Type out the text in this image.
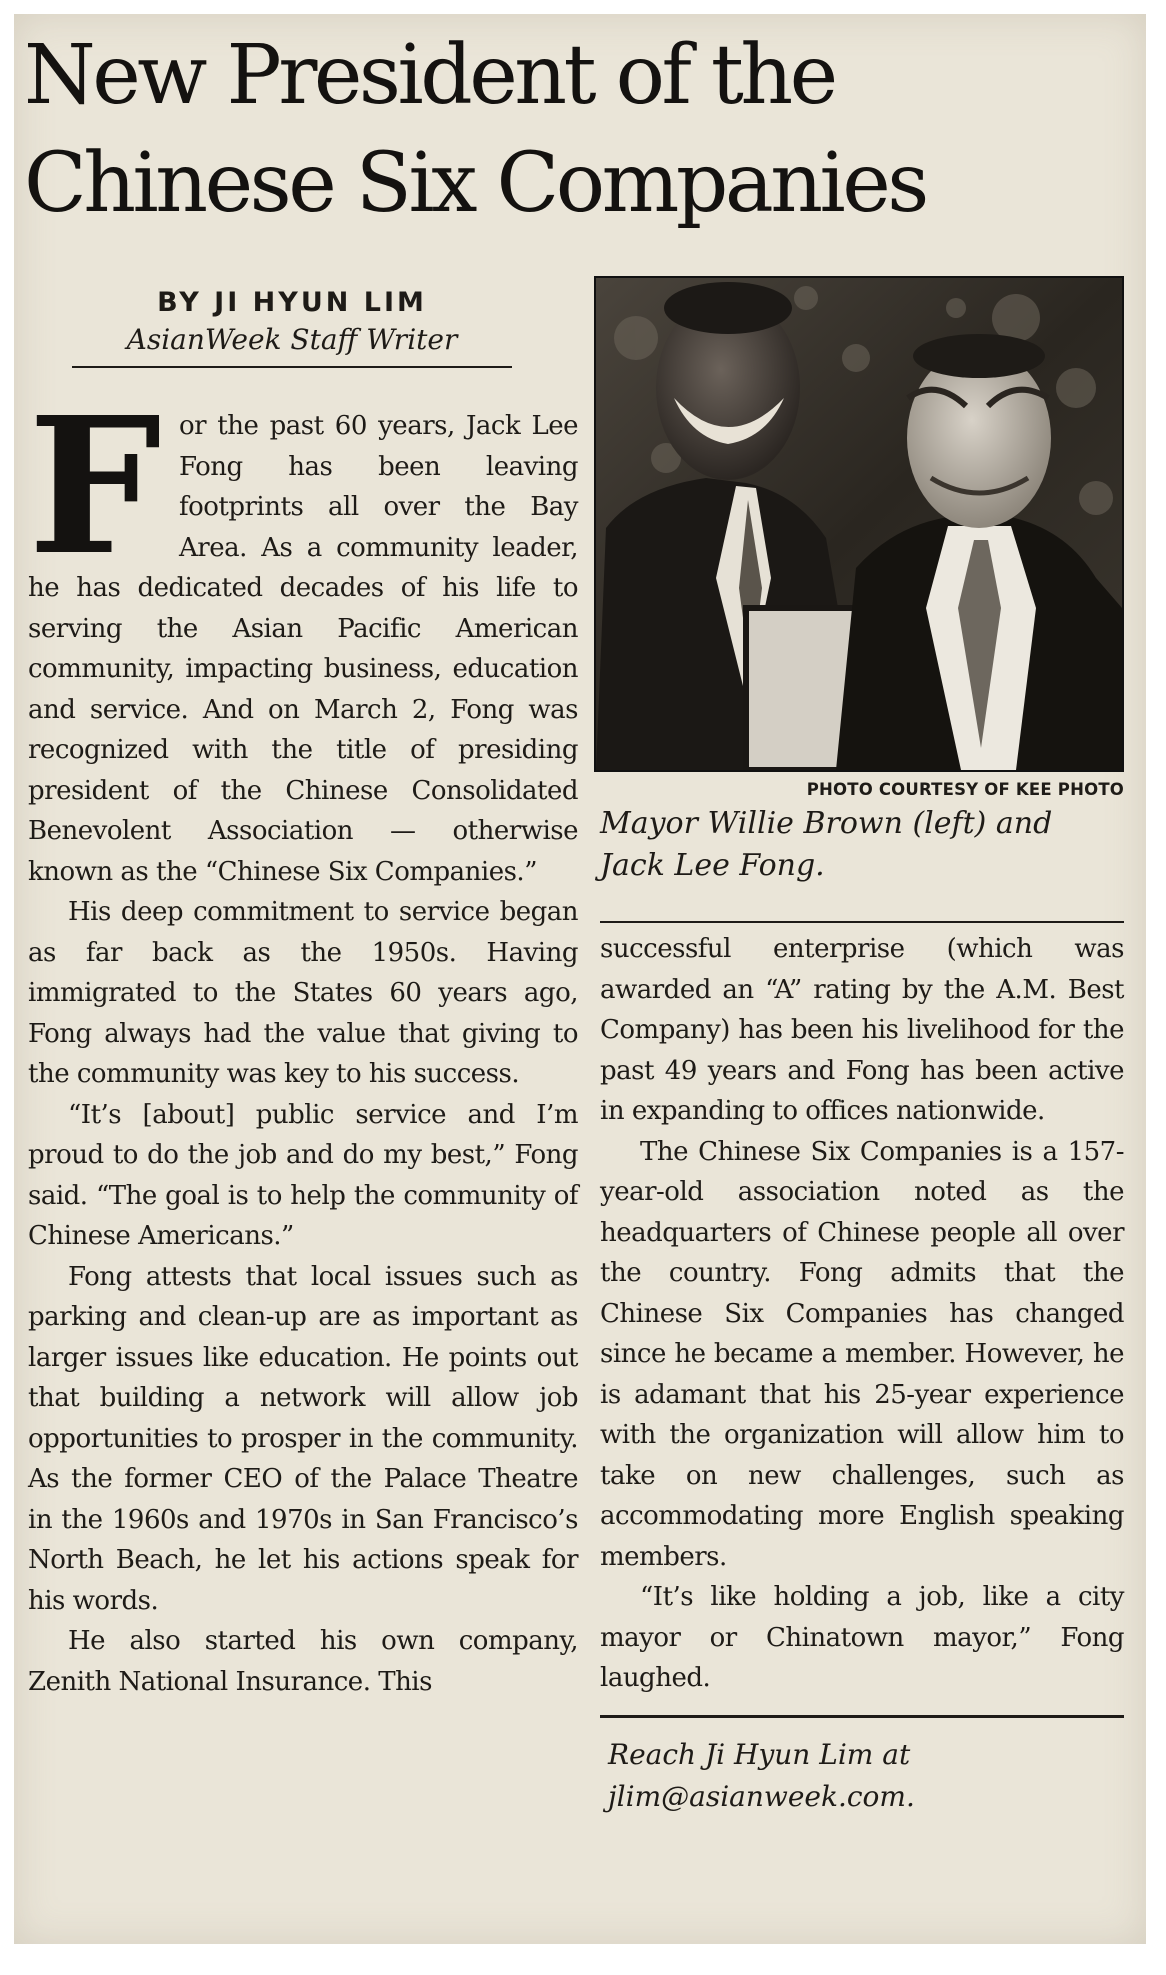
New President of the
Chinese Six Companies
BY JI HYUN LIM
AsianWeek Staff Writer

For the past 60 years, Jack Lee Fong has been leaving footprints all over the Bay Area. As a community leader, he has dedicated decades of his life to serving the Asian Pacific American community, impacting business, education and service. And on March 2, Fong was recognized with the title of presiding president of the Chinese Consolidated Benevolent Association — otherwise known as the “Chinese Six Companies.”

His deep commitment to service began as far back as the 1950s. Having immigrated to the States 60 years ago, Fong always had the value that giving to the community was key to his success.

“It’s [about] public service and I’m proud to do the job and do my best,” Fong said. “The goal is to help the community of Chinese Americans.”

Fong attests that local issues such as parking and clean-up are as important as larger issues like education. He points out that building a network will allow job opportunities to prosper in the community. As the former CEO of the Palace Theatre in the 1960s and 1970s in San Francisco’s North Beach, he let his actions speak for his words.

He also started his own company, Zenith National Insurance. This

PHOTO COURTESY OF KEE PHOTO
Mayor Willie Brown (left) and Jack Lee Fong.

successful enterprise (which was awarded an “A” rating by the A.M. Best Company) has been his livelihood for the past 49 years and Fong has been active in expanding to offices nationwide.

The Chinese Six Companies is a 157-year-old association noted as the headquarters of Chinese people all over the country. Fong admits that the Chinese Six Companies has changed since he became a member. However, he is adamant that his 25-year experience with the organization will allow him to take on new challenges, such as accommodating more English speaking members.

“It’s like holding a job, like a city mayor or Chinatown mayor,” Fong laughed.

Reach Ji Hyun Lim at jlim@asianweek.com.
